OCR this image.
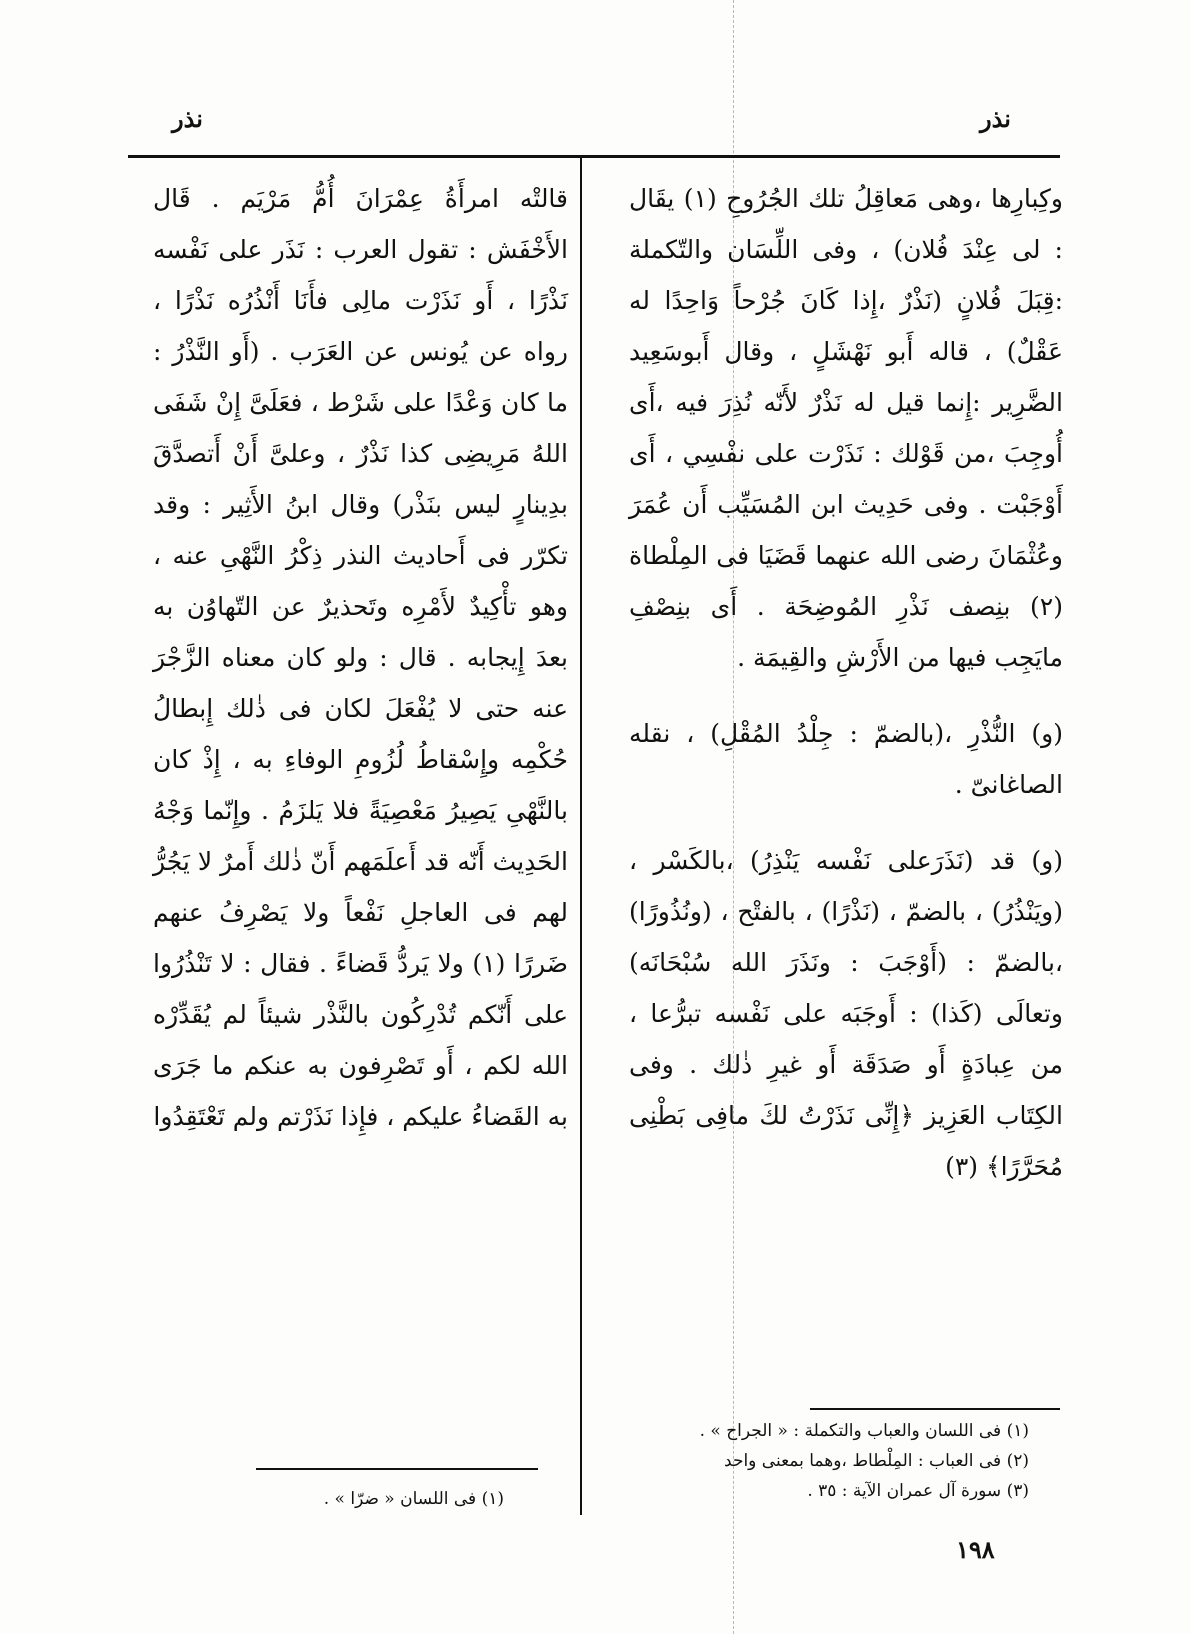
نذر
نذر

وكِبارِها ،وهى مَعاقِلُ تلك الجُرُوحِ (١) يقَال : لى عِنْدَ فُلان) ، وفى اللِّسَان والتّكملة :قِبَلَ فُلانٍ (نَذْرٌ ،إِذا كَانَ جُرْحاً وَاحِدًا له عَقْلٌ) ، قاله أَبو نَهْشَلٍ ، وقال أَبوسَعِيد الضَّرِير :إِنما قيل له نَذْرٌ لأَنّه نُذِرَ فيه ،أَى أُوجِبَ ،من قَوْلك : نَذَرْت على نفْسِي ، أَى أَوْجَبْت . وفى حَدِيث ابن المُسَيِّب أَن عُمَرَ وعُثْمَانَ رضى الله عنهما قَضَيَا فى المِلْطاة (٢) بنِصف نَذْرِ المُوضِحَة . أَى بنِصْفِ مايَجِب فيها من الأَرْشِ والقِيمَة .

(و) النُّذْرِ ،(بالضمّ : جِلْدُ المُقْلِ) ، نقله الصاغانىّ .

(و) قد (نَذَرَعلى نَفْسه يَنْذِرُ) ،بالكَسْر ، (ويَنْذُرُ) ، بالضمّ ، (نَذْرًا) ، بالفتْح ، (ونُذُورًا) ،بالضمّ : (أَوْجَبَ : ونَذَرَ الله سُبْحَانَه) وتعالَى (كَذا) : أَوجَبَه على نَفْسه تبرُّعا ، من عِبادَةٍ أَو صَدَقَة أَو غيرِ ذٰلك . وفى الكِتَاب العَزِيز ﴿إِنِّى نَذَرْتُ لكَ مافِى بَطْنِى مُحَرَّرًا﴾ (٣)

قالتْه امرأَةُ عِمْرَانَ أُمُّ مَرْيَم . قَال الأَخْفَش : تقول العرب : نَذَر على نَفْسه نَذْرًا ، أَو نَذَرْت مالِى فأَنَا أَنْذُرُه نَذْرًا ، رواه عن يُونس عن العَرَب . (أَو النَّذْرُ : ما كان وَعْدًا على شَرْط ، فعَلَىَّ إِنْ شَفَى اللهُ مَرِيضِى كذا نَذْرٌ ، وعلىَّ أَنْ أَتصدَّقَ بدِينارٍ ليس بنَذْر) وقال ابنُ الأَثِير : وقد تكرّر فى أَحاديث النذر ذِكْرُ النَّهْىِ عنه ، وهو تأْكِيدٌ لأَمْرِه وتَحذيرٌ عن التّهاوُن به بعدَ إِيجابه . قال : ولو كان معناه الزَّجْرَ عنه حتى لا يُفْعَلَ لكان فى ذٰلك إِبطالُ حُكْمِه وإِسْقاطُ لُزُومِ الوفاءِ به ، إِذْ كان بالنَّهْىِ يَصِيرُ مَعْصِيَةً فلا يَلزَمُ . وإِنّما وَجْهُ الحَدِيث أَنّه قد أَعلَمَهم أَنّ ذٰلك أَمرٌ لا يَجُرُّ لهم فى العاجلِ نَفْعاً ولا يَصْرِفُ عنهم ضَررًا (١) ولا يَردُّ قَضاءً . فقال : لا تَنْذُرُوا على أَنّكم تُدْرِكُون بالنَّذْر شيئاً لم يُقَدِّرْه الله لكم ، أَو تَصْرِفون به عنكم ما جَرَى به القَضاءُ عليكم ، فإِذا نَذَرْتم ولم تَعْتَقِدُوا

(١) فى اللسان والعباب والتكملة : « الجراح » .
(٢) فى العباب : المِلْطاط ،وهما بمعنى واحد
(٣) سورة آل عمران الآية : ٣٥ .
(١) فى اللسان « ضرّا » .
١٩٨
